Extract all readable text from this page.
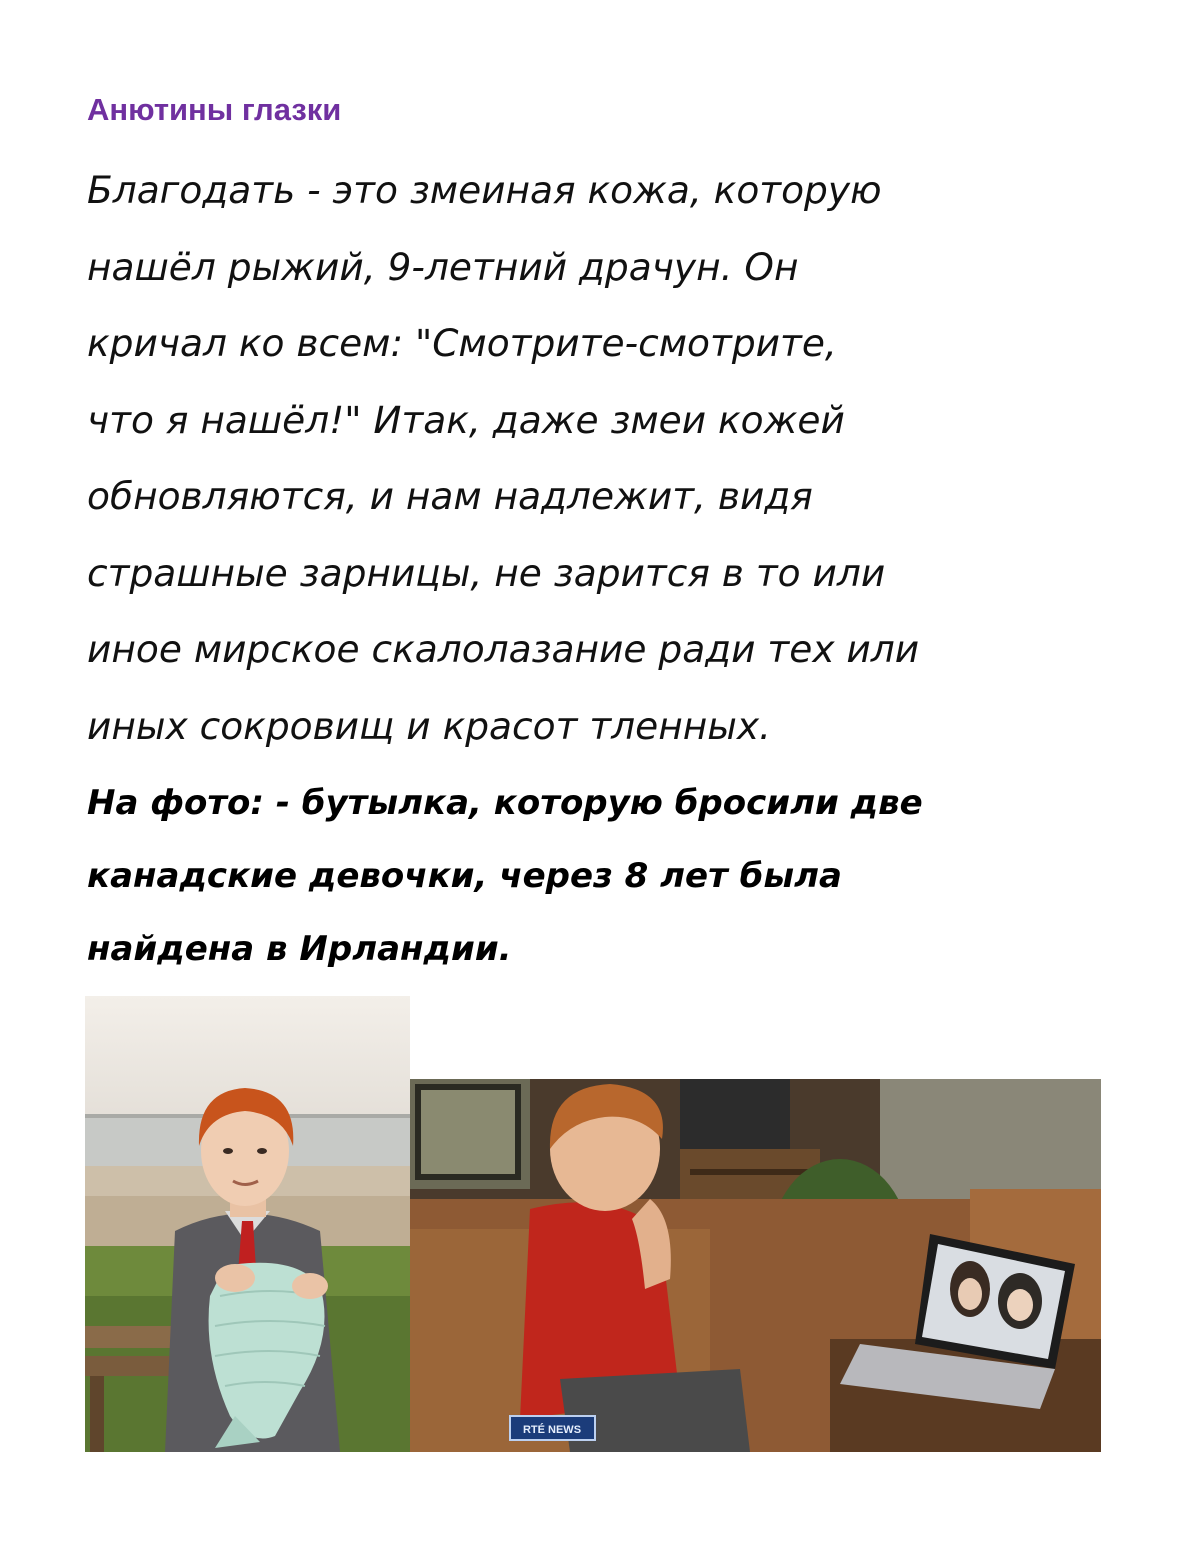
Анютины глазки
Благодать - это змеиная кожа, которую
нашёл рыжий, 9-летний драчун. Он
кричал ко всем: "Смотрите-смотрите,
что я нашёл!" Итак, даже змеи кожей
обновляются, и нам надлежит, видя
страшные зарницы, не зарится в то или
иное мирское скалолазание ради тех или
иных сокровищ и красот тленных.
На фото: - бутылка, которую бросили две
канадские девочки, через 8 лет была
найдена в Ирландии.
RTÉ NEWS
